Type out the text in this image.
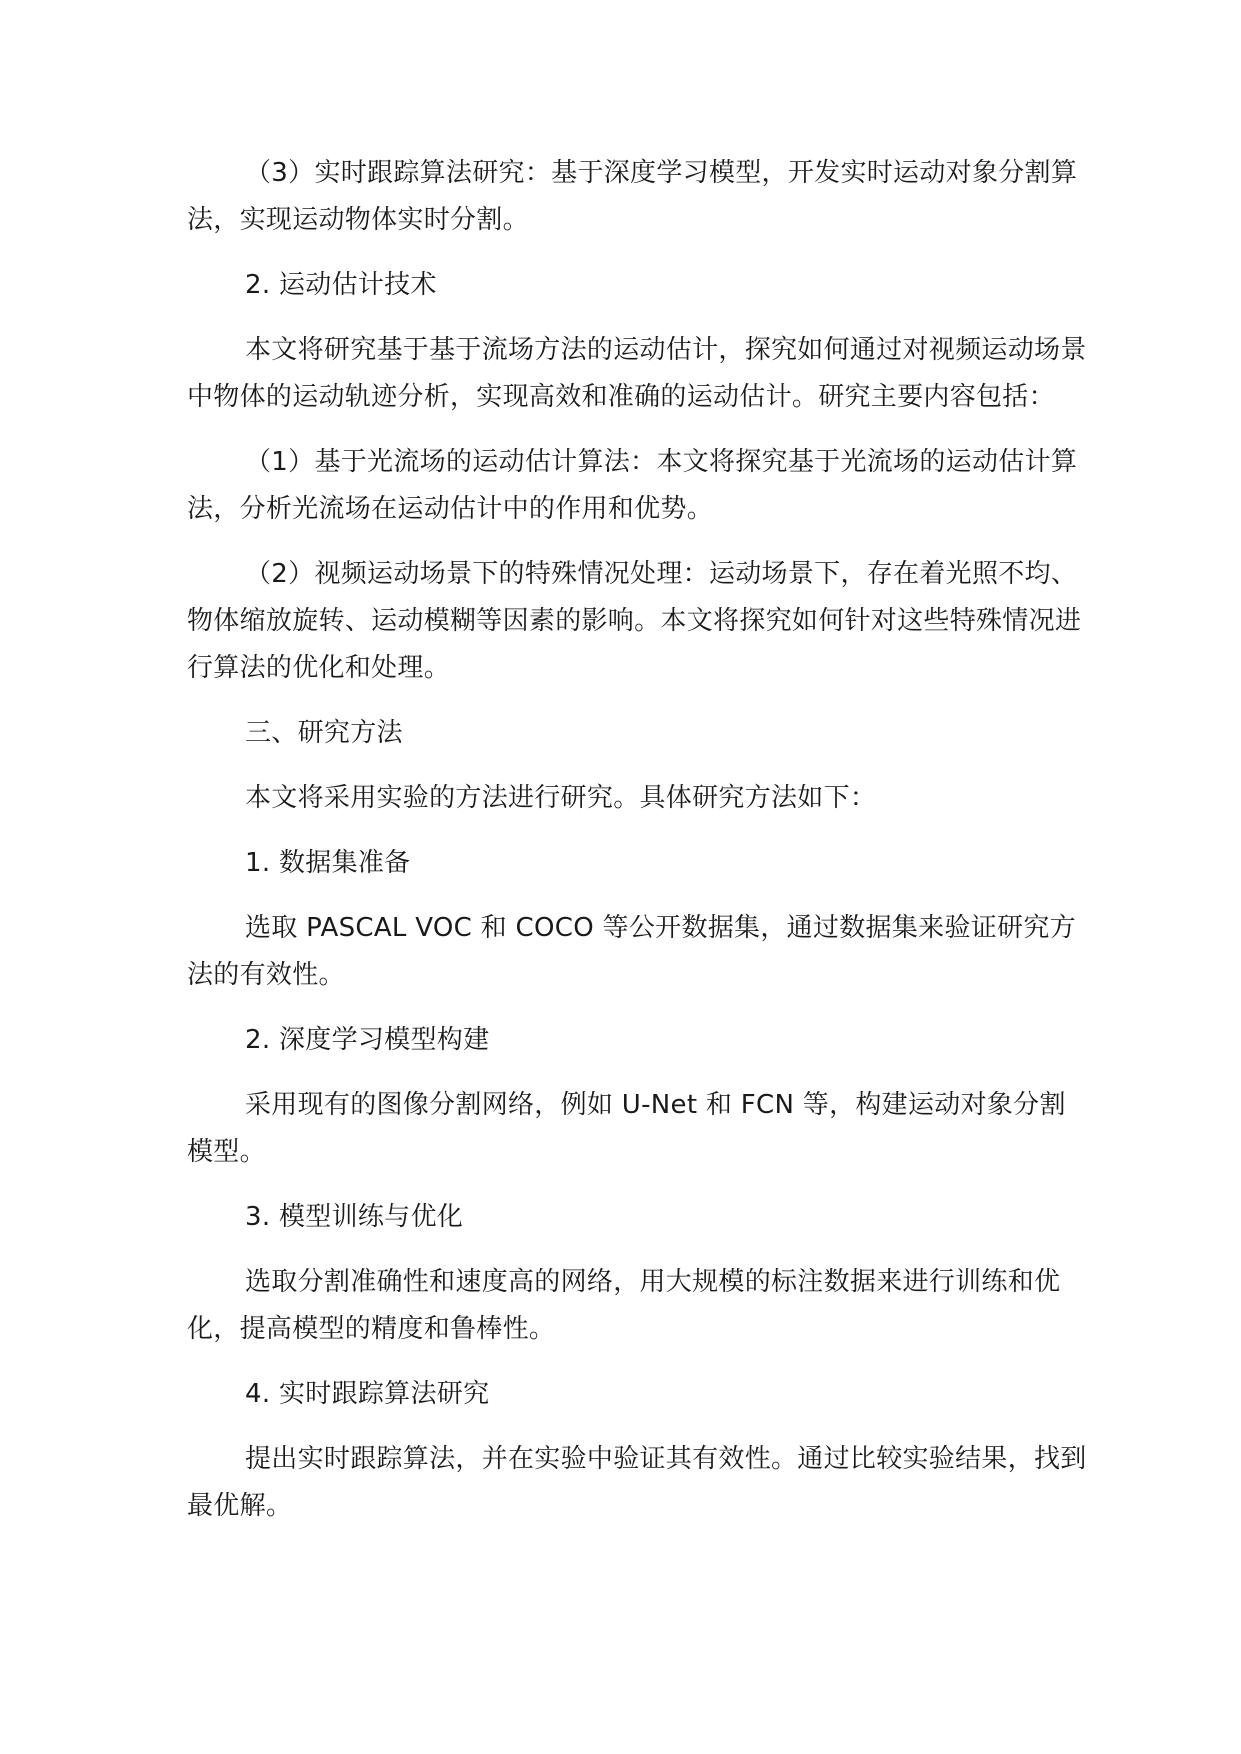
（3）实时跟踪算法研究：基于深度学习模型，开发实时运动对象分割算法，实现运动物体实时分割。

2. 运动估计技术

本文将研究基于基于流场方法的运动估计，探究如何通过对视频运动场景中物体的运动轨迹分析，实现高效和准确的运动估计。研究主要内容包括：

（1）基于光流场的运动估计算法：本文将探究基于光流场的运动估计算法，分析光流场在运动估计中的作用和优势。

（2）视频运动场景下的特殊情况处理：运动场景下，存在着光照不均、物体缩放旋转、运动模糊等因素的影响。本文将探究如何针对这些特殊情况进行算法的优化和处理。

三、研究方法

本文将采用实验的方法进行研究。具体研究方法如下：

1. 数据集准备

选取 PASCAL VOC 和 COCO 等公开数据集，通过数据集来验证研究方法的有效性。

2. 深度学习模型构建

采用现有的图像分割网络，例如 U-Net 和 FCN 等，构建运动对象分割模型。

3. 模型训练与优化

选取分割准确性和速度高的网络，用大规模的标注数据来进行训练和优化，提高模型的精度和鲁棒性。

4. 实时跟踪算法研究

提出实时跟踪算法，并在实验中验证其有效性。通过比较实验结果，找到最优解。
